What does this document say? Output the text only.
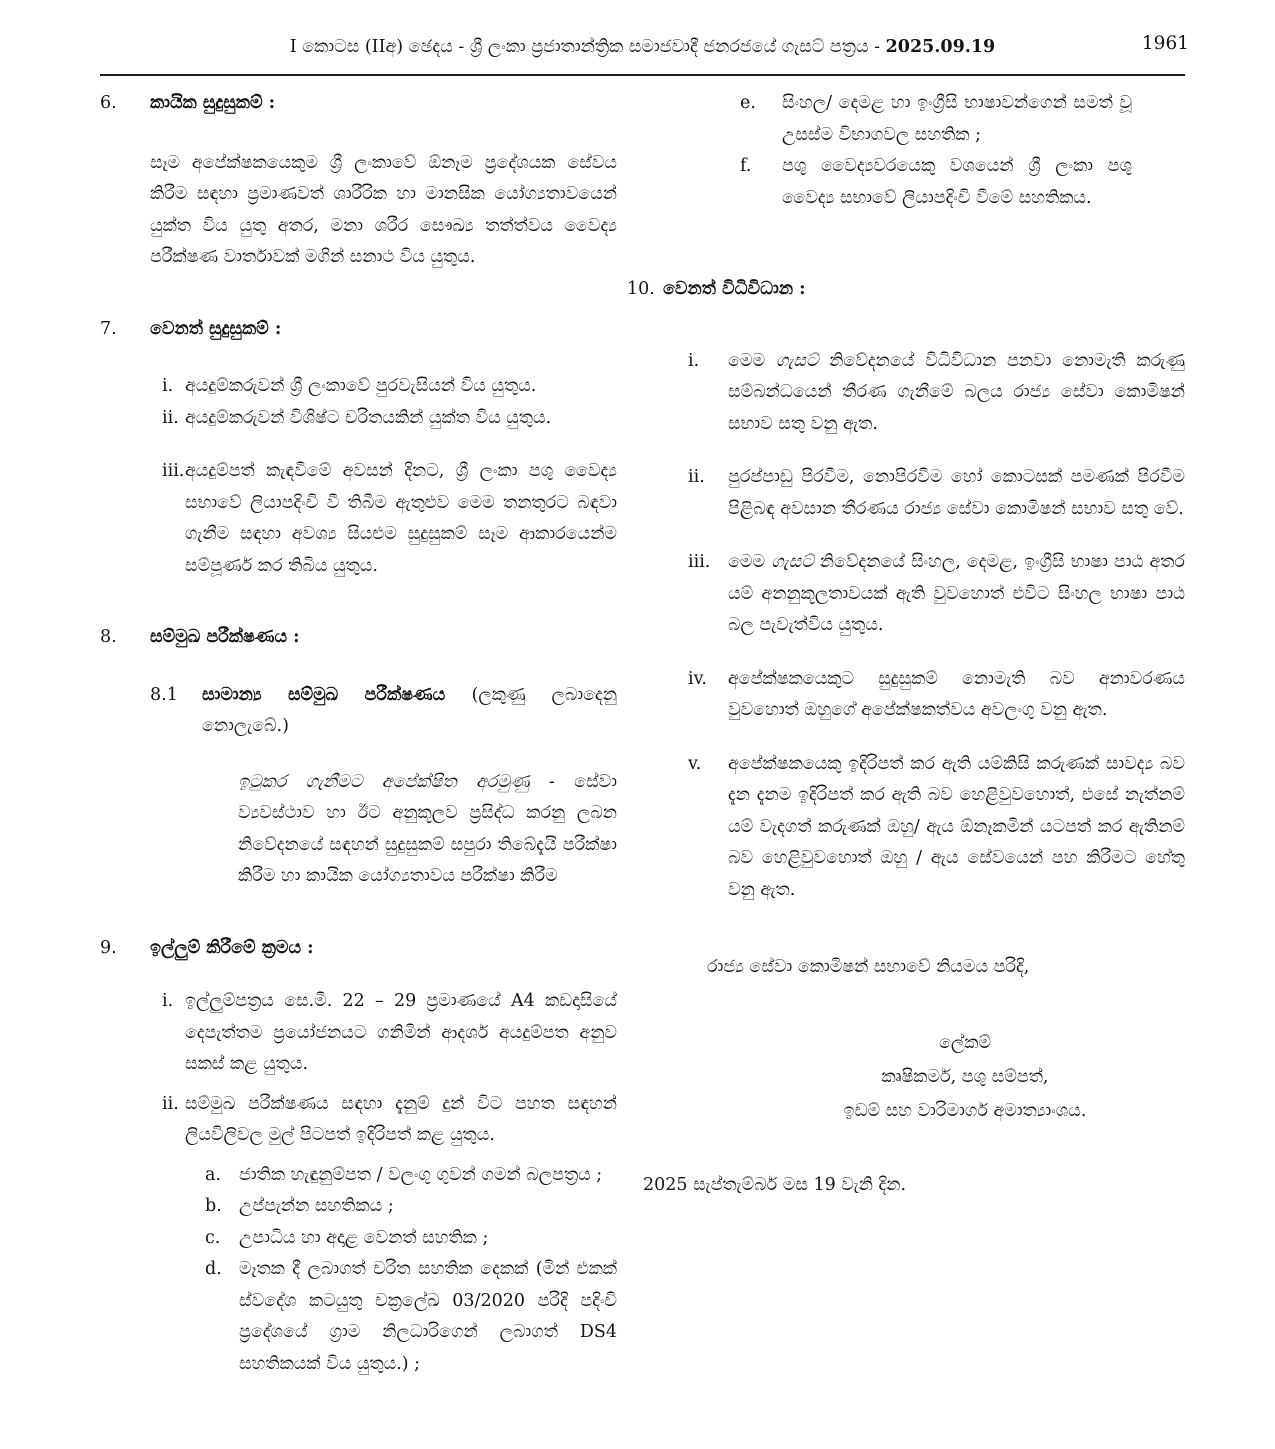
I කොටස (IIඅ) ඡෙදය - ශ්‍රී ලංකා ප්‍රජාතාන්ත්‍රික සමාජවාදී ජනරජයේ ගැසට් පත්‍රය - 2025.09.19	1961
6.	කායික සුදුසුකම් :

සෑම අපේක්ෂකයෙකුම ශ්‍රී ලංකාවේ ඕනෑම ප්‍රදේශයක සේවය කිරීම සඳහා ප්‍රමාණවත් ශාරීරික හා මානසික යෝග්‍යතාවයෙන් යුක්ත විය යුතු අතර, මනා ශරීර සෞඛ්‍ය තත්ත්වය වෛද්‍ය පරීක්ෂණ වාර්තාවක් මගින් සනාථ විය යුතුය.

7.	වෙනත් සුදුසුකම් :
i. අයදුම්කරුවන් ශ්‍රී ලංකාවේ පුරවැසියන් විය යුතුය.
ii. අයදුම්කරුවන් විශිෂ්ට චරිතයකින් යුක්ත විය යුතුය.
iii. අයදුම්පත් කැඳවීමේ අවසන් දිනට, ශ්‍රී ලංකා පශු වෛද්‍ය සභාවේ ලියාපදිංචි වී තිබීම ඇතුළුව මෙම තනතුරට බඳවා ගැනීම සඳහා අවශ්‍ය සියළුම සුදුසුකම් සෑම ආකාරයෙන්ම සම්පූර්ණ කර තිබිය යුතුය.
8.	සම්මුඛ පරීක්ෂණය :
8.1	සාමාන්‍ය සම්මුඛ පරීක්ෂණය (ලකුණු ලබාදෙනු නොලැබේ.)

ඉටුකර ගැනීමට අපේක්ෂිත අරමුණු - සේවා ව්‍යවස්ථාව හා ඊට අනුකූලව ප්‍රසිද්ධ කරනු ලබන නිවේදනයේ සඳහන් සුදුසුකම් සපුරා තිබේදැයි පරීක්ෂා කිරීම හා කායික යෝග්‍යතාවය පරීක්ෂා කිරීම

9.	ඉල්ලුම් කිරීමේ ක්‍රමය :
i. ඉල්ලුම්පත්‍රය සෙ.මී. 22 – 29 ප්‍රමාණයේ A4 කඩදාසියේ දෙපැත්තම ප්‍රයෝජනයට ගනිමින් ආදර්ශ අයදුම්පත අනුව සකස් කළ යුතුය.
ii. සම්මුඛ පරීක්ෂණය සඳහා දැනුම් දුන් විට පහත සඳහන් ලියවිලිවල මුල් පිටපත් ඉදිරිපත් කළ යුතුය.
a.	ජාතික හැඳුනුම්පත / වලංගු ගුවන් ගමන් බලපත්‍රය ;
b. උප්පැන්න සහතිකය ;
c.	උපාධිය හා අදාළ වෙනත් සහතික ;
d. මෑතක දී ලබාගත් චරිත සහතික දෙකක් (මින් එකක් ස්වදේශ කටයුතු චක්‍රලේඛ 03/2020 පරිදි පදිංචි ප්‍රදේශයේ ග්‍රාම නිලධාරිගෙන් ලබාගත් DS4 සහතිකයක් විය යුතුය.) ;
e.	සිංහල/ දෙමළ හා ඉංග්‍රීසි භාෂාවන්ගෙන් සමත් වූ උසස්ම විභාගවල සහතික ;
f.	පශු වෛද්‍යවරයෙකු වශයෙන් ශ්‍රී ලංකා පශු වෛද්‍ය සභාවේ ලියාපදිංචි වීමේ සහතිකය.
10. වෙනත් විධිවිධාන :
i.	මෙම ගැසට් නිවේදනයේ විධිවිධාන පනවා නොමැති කරුණු සම්බන්ධයෙන් තීරණ ගැනීමේ බලය රාජ්‍ය සේවා කොමිෂන් සභාව සතු වනු ඇත.
ii.	පුරප්පාඩු පිරවීම, නොපිරවීම හෝ කොටසක් පමණක් පිරවීම පිළිබඳ අවසාන තීරණය රාජ්‍ය සේවා කොමිෂන් සභාව සතු වේ.
iii.	මෙම ගැසට් නිවේදනයේ සිංහල, දෙමළ, ඉංග්‍රීසි භාෂා පාඨ අතර යම් අනනුකූලතාවයක් ඇති වුවහොත් එවිට සිංහල භාෂා පාඨ බල පැවැත්විය යුතුය.
iv.	අපේක්ෂකයෙකුට සුදුසුකම් නොමැති බව අනාවරණය වුවහොත් ඔහුගේ අපේක්ෂකත්වය අවලංගු වනු ඇත.
v.	අපේක්ෂකයෙකු ඉදිරිපත් කර ඇති යම්කිසි කරුණක් සාවද්‍ය බව දැන දැනම ඉදිරිපත් කර ඇති බව හෙළිවුවහොත්, එසේ නැත්නම් යම් වැදගත් කරුණක් ඔහු/ ඇය ඕනෑකමින් යටපත් කර ඇතිනම් බව හෙළිවුවහොත් ඔහු / ඇය සේවයෙන් පහ කිරීමට හේතු වනු ඇත.
රාජ්‍ය සේවා කොමිෂන් සභාවේ නියමය පරිදි,
ලේකම්
කෘෂිකර්ම, පශු සම්පත්,
ඉඩම් සහ වාරිමාර්ග අමාත්‍යාංශය.
2025 සැප්තැම්බර් මස 19 වැනි දින.
